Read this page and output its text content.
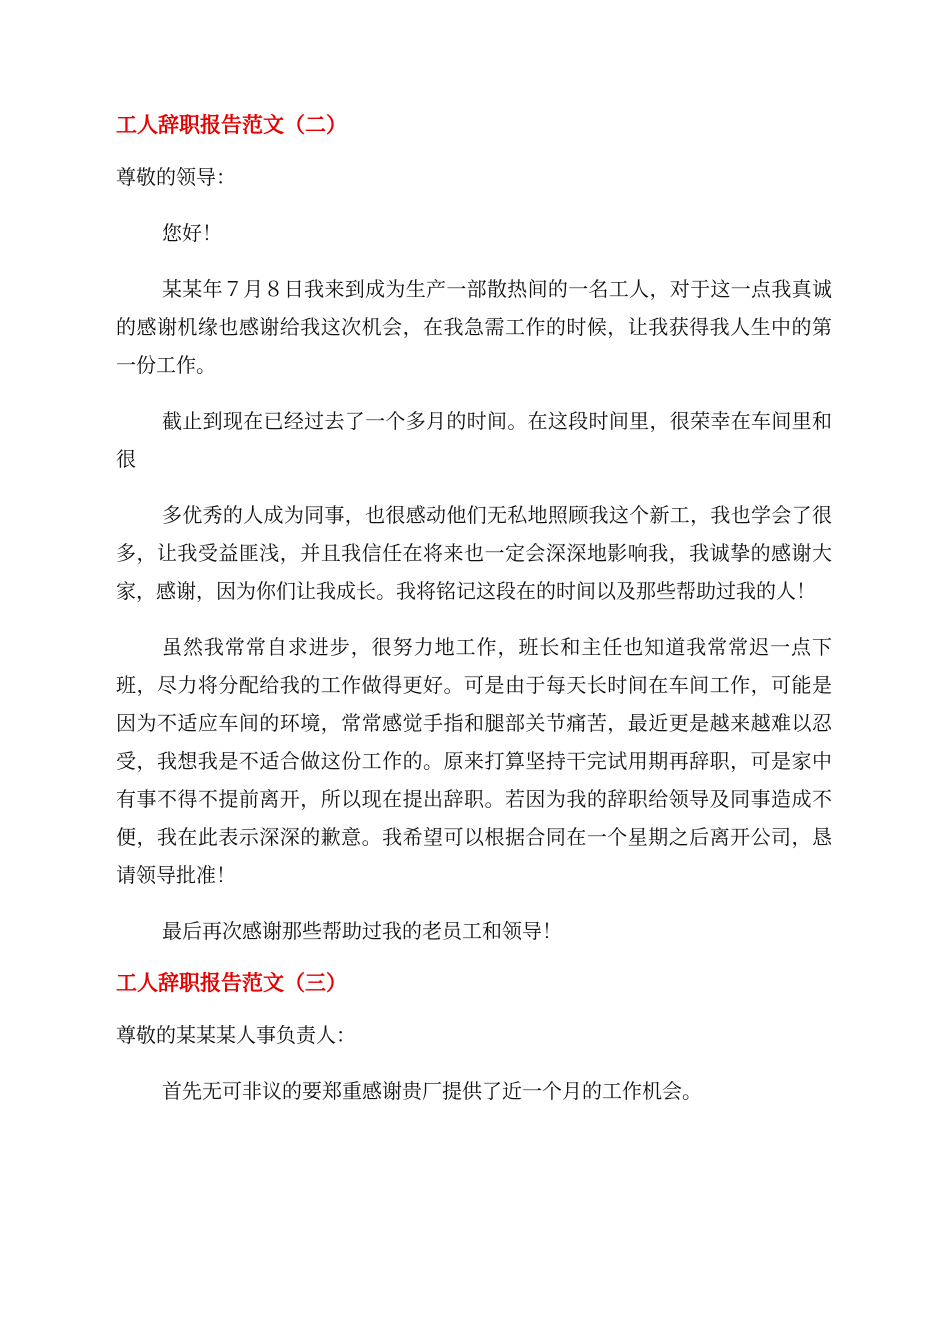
工人辞职报告范文（二）

尊敬的领导：

您好！

某某年７月８日我来到成为生产一部散热间的一名工人，对于这一点我真诚的感谢机缘也感谢给我这次机会，在我急需工作的时候，让我获得我人生中的第一份工作。

截止到现在已经过去了一个多月的时间。在这段时间里，很荣幸在车间里和很

多优秀的人成为同事，也很感动他们无私地照顾我这个新工，我也学会了很多，让我受益匪浅，并且我信任在将来也一定会深深地影响我，我诚挚的感谢大家，感谢，因为你们让我成长。我将铭记这段在的时间以及那些帮助过我的人！

虽然我常常自求进步，很努力地工作，班长和主任也知道我常常迟一点下班，尽力将分配给我的工作做得更好。可是由于每天长时间在车间工作，可能是因为不适应车间的环境，常常感觉手指和腿部关节痛苦，最近更是越来越难以忍受，我想我是不适合做这份工作的。原来打算坚持干完试用期再辞职，可是家中有事不得不提前离开，所以现在提出辞职。若因为我的辞职给领导及同事造成不便，我在此表示深深的歉意。我希望可以根据合同在一个星期之后离开公司，恳请领导批准！

最后再次感谢那些帮助过我的老员工和领导！

工人辞职报告范文（三）

尊敬的某某某人事负责人：

首先无可非议的要郑重感谢贵厂提供了近一个月的工作机会。
